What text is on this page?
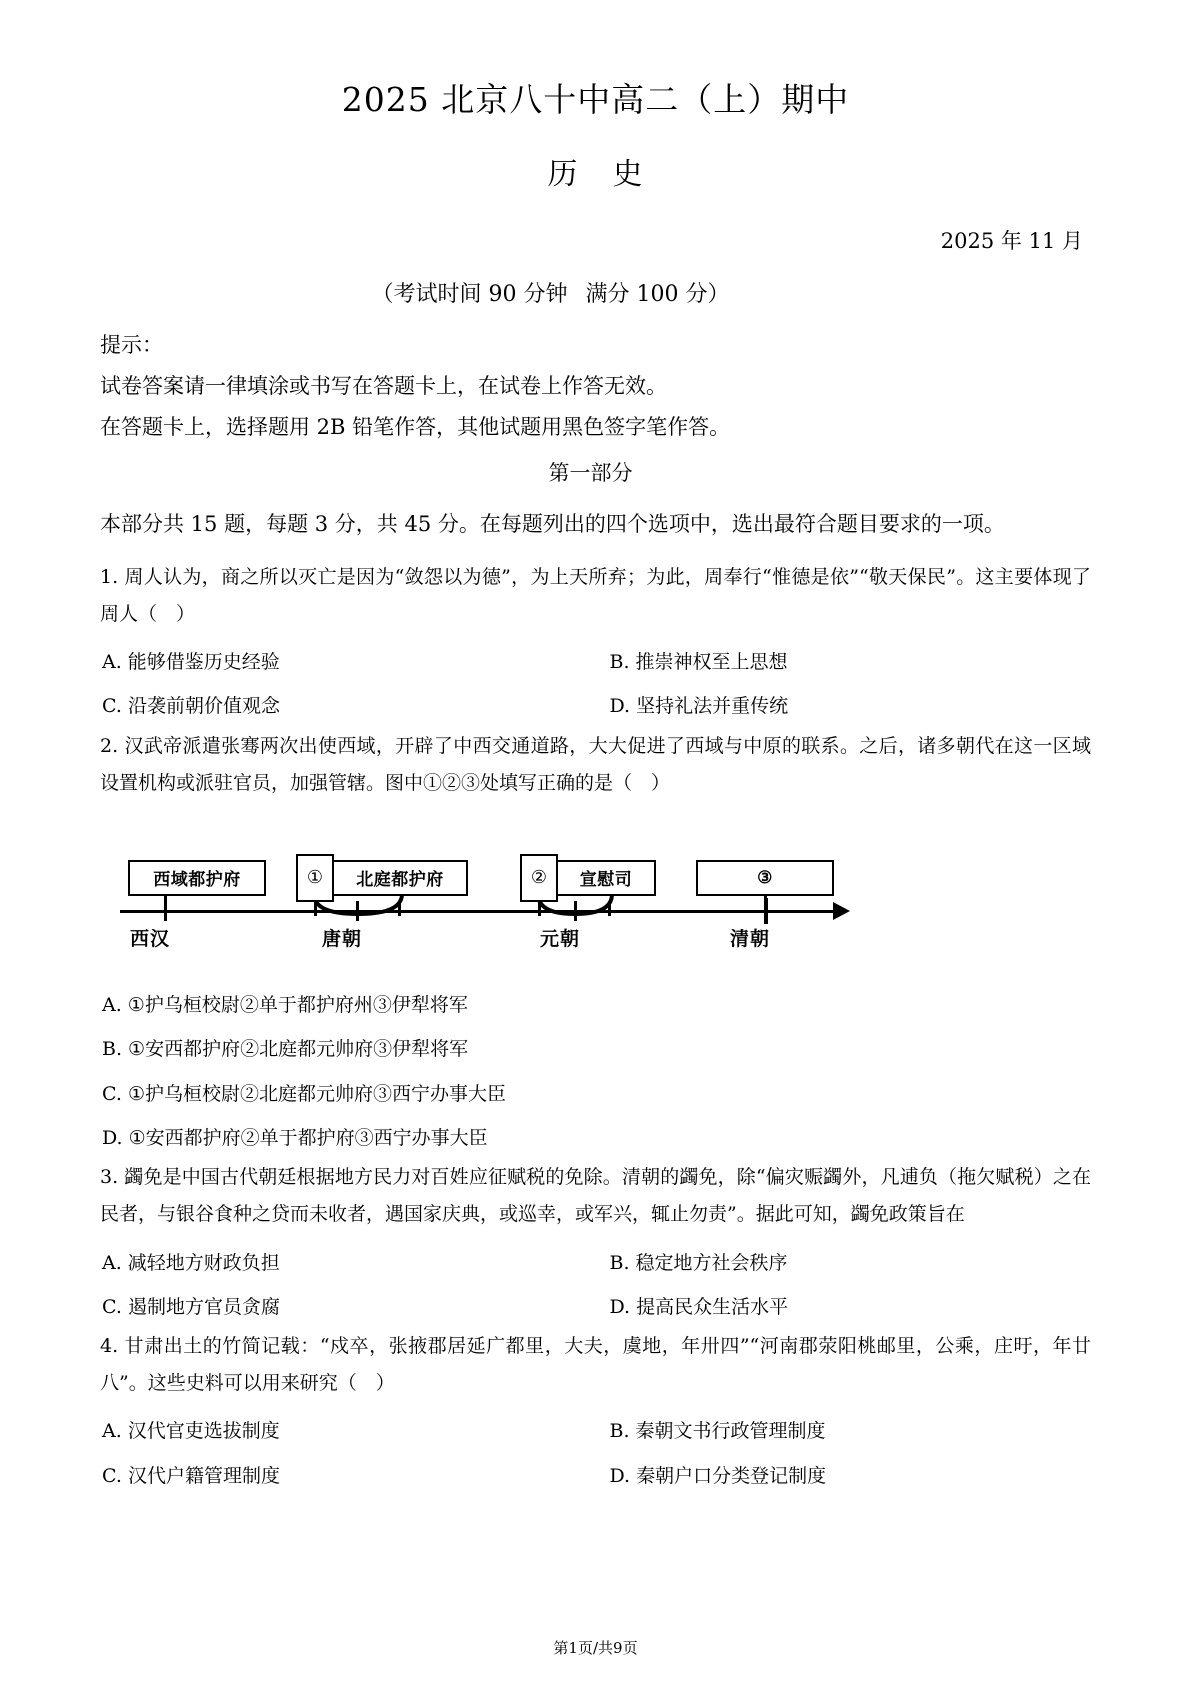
2025 北京八十中高二（上）期中
历 史
2025 年 11 月
（考试时间 90 分钟 满分 100 分）

提示：

试卷答案请一律填涂或书写在答题卡上，在试卷上作答无效。

在答题卡上，选择题用 2B 铅笔作答，其他试题用黑色签字笔作答。

第一部分
本部分共 15 题，每题 3 分，共 45 分。在每题列出的四个选项中，选出最符合题目要求的一项。
1. 周人认为，商之所以灭亡是因为“敛怨以为德”，为上天所弃；为此，周奉行“惟德是依”“敬天保民”。这主要体现了周人（　）
A. 能够借鉴历史经验	B. 推崇神权至上思想
C. 沿袭前朝价值观念	D. 坚持礼法并重传统
2. 汉武帝派遣张骞两次出使西域，开辟了中西交通道路，大大促进了西域与中原的联系。之后，诸多朝代在这一区域设置机构或派驻官员，加强管辖。图中①②③处填写正确的是（　）
西域都护府	①	北庭都护府	②	宣慰司	③
西汉	唐朝	元朝	清朝
A. ①护乌桓校尉②单于都护府州③伊犁将军
B. ①安西都护府②北庭都元帅府③伊犁将军
C. ①护乌桓校尉②北庭都元帅府③西宁办事大臣
D. ①安西都护府②单于都护府③西宁办事大臣
3. 蠲免是中国古代朝廷根据地方民力对百姓应征赋税的免除。清朝的蠲免，除“偏灾赈蠲外，凡逋负（拖欠赋税）之在民者，与银谷食种之贷而未收者，遇国家庆典，或巡幸，或军兴，辄止勿责”。据此可知，蠲免政策旨在
A. 减轻地方财政负担	B. 稳定地方社会秩序
C. 遏制地方官员贪腐	D. 提高民众生活水平
4. 甘肃出土的竹简记载：“戍卒，张掖郡居延广都里，大夫，虞地，年卅四”“河南郡荥阳桃邮里，公乘，庄旴，年廿八”。这些史料可以用来研究（　）
A. 汉代官吏选拔制度	B. 秦朝文书行政管理制度
C. 汉代户籍管理制度	D. 秦朝户口分类登记制度
第1页/共9页
